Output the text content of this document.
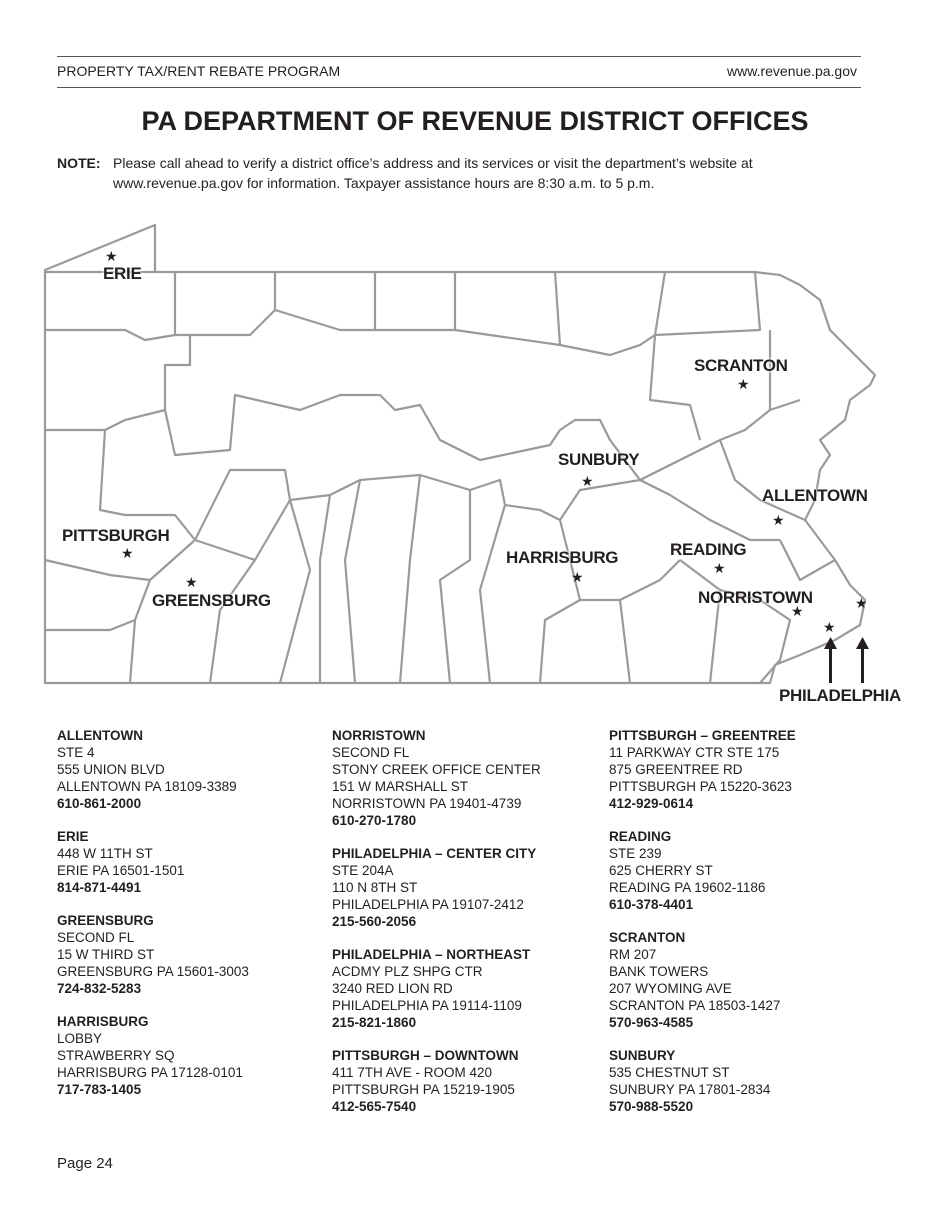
PROPERTY TAX/RENT REBATE PROGRAM	www.revenue.pa.gov
PA DEPARTMENT OF REVENUE DISTRICT OFFICES
NOTE: Please call ahead to verify a district office’s address and its services or visit the department’s website at www.revenue.pa.gov for information. Taxpayer assistance hours are 8:30 a.m. to 5 p.m.
★
ERIE
SCRANTON
★
SUNBURY
★
ALLENTOWN
★
PITTSBURGH
★
★
GREENSBURG
HARRISBURG
★
READING
★
NORRISTOWN
★
★
★
PHILADELPHIA
ALLENTOWN
STE 4
555 UNION BLVD
ALLENTOWN PA 18109-3389
610-861-2000
ERIE
448 W 11TH ST
ERIE PA 16501-1501
814-871-4491
GREENSBURG
SECOND FL
15 W THIRD ST
GREENSBURG PA 15601-3003
724-832-5283
HARRISBURG
LOBBY
STRAWBERRY SQ
HARRISBURG PA 17128-0101
717-783-1405
NORRISTOWN
SECOND FL
STONY CREEK OFFICE CENTER
151 W MARSHALL ST
NORRISTOWN PA 19401-4739
610-270-1780
PHILADELPHIA – CENTER CITY
STE 204A
110 N 8TH ST
PHILADELPHIA PA 19107-2412
215-560-2056
PHILADELPHIA – NORTHEAST
ACDMY PLZ SHPG CTR
3240 RED LION RD
PHILADELPHIA PA 19114-1109
215-821-1860
PITTSBURGH – DOWNTOWN
411 7TH AVE - ROOM 420
PITTSBURGH PA 15219-1905
412-565-7540
PITTSBURGH – GREENTREE
11 PARKWAY CTR STE 175
875 GREENTREE RD
PITTSBURGH PA 15220-3623
412-929-0614
READING
STE 239
625 CHERRY ST
READING PA 19602-1186
610-378-4401
SCRANTON
RM 207
BANK TOWERS
207 WYOMING AVE
SCRANTON PA 18503-1427
570-963-4585
SUNBURY
535 CHESTNUT ST
SUNBURY PA 17801-2834
570-988-5520
Page 24
